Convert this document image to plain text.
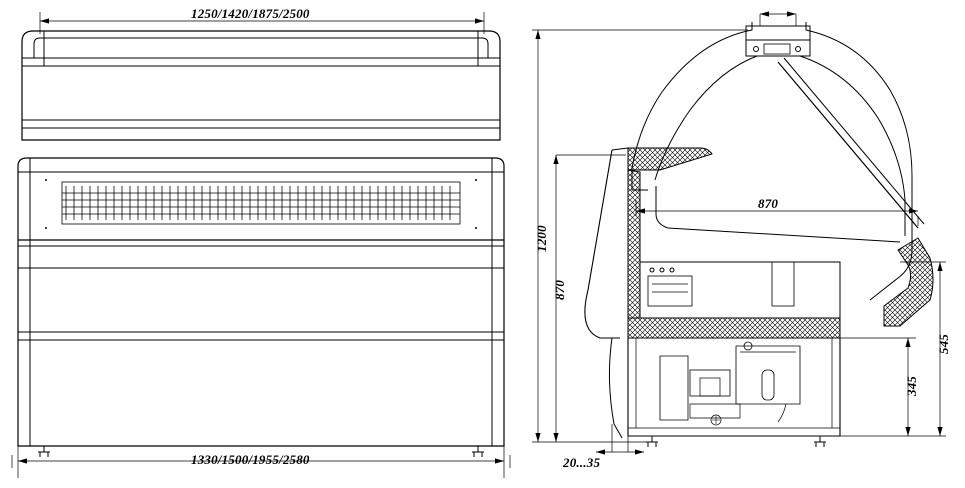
1250/1420/1875/2500
1330/1500/1955/2580
1200
870
870
545
345
20...35
